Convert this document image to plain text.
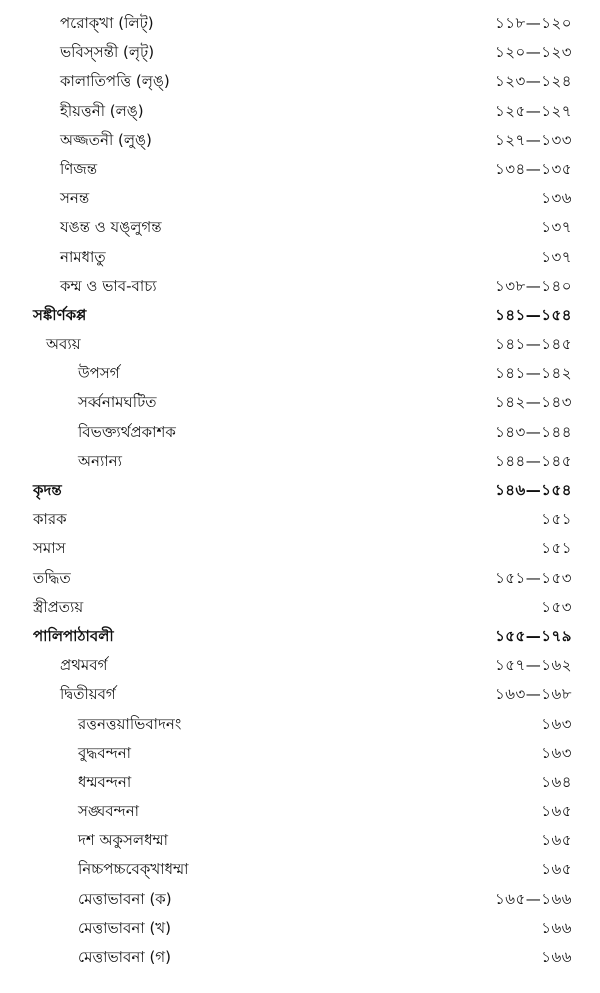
পরোক্খা (লিট্)	১১৮—১২০
ভবিস্সন্তী (লৃট্)	১২০—১২৩
কালাতিপত্তি (লৃঙ্)	১২৩—১২৪
হীয়ত্তনী (লঙ্)	১২৫—১২৭
অজ্জতনী (লুঙ্)	১২৭—১৩৩
ণিজন্ত	১৩৪—১৩৫
সনন্ত	১৩৬
যঙন্ত ও যঙ্লুগন্ত	১৩৭
নামধাতু	১৩৭
কম্ম ও ভাব-বাচ্য	১৩৮—১৪০
সঙ্কীর্ণকপ্প	১৪১—১৫৪
অব্যয়	১৪১—১৪৫
উপসর্গ	১৪১—১৪২
সর্ব্বনামঘটিত	১৪২—১৪৩
বিভক্ত্যর্থপ্রকাশক	১৪৩—১৪৪
অন্যান্য	১৪৪—১৪৫
কৃদন্ত	১৪৬—১৫৪
কারক	১৫১
সমাস	১৫১
তদ্ধিত	১৫১—১৫৩
স্ত্রীপ্রত্যয়	১৫৩
পালিপাঠাবলী	১৫৫—১৭৯
প্রথমবর্গ	১৫৭—১৬২
দ্বিতীয়বর্গ	১৬৩—১৬৮
রত্তনত্তয়াভিবাদনং	১৬৩
বুদ্ধবন্দনা	১৬৩
ধম্মবন্দনা	১৬৪
সঙ্ঘবন্দনা	১৬৫
দশ অকুসলধম্মা	১৬৫
নিচ্চপচ্চবেক্খাধম্মা	১৬৫
মেত্তাভাবনা (ক)	১৬৫—১৬৬
মেত্তাভাবনা (খ)	১৬৬
মেত্তাভাবনা (গ)	১৬৬
